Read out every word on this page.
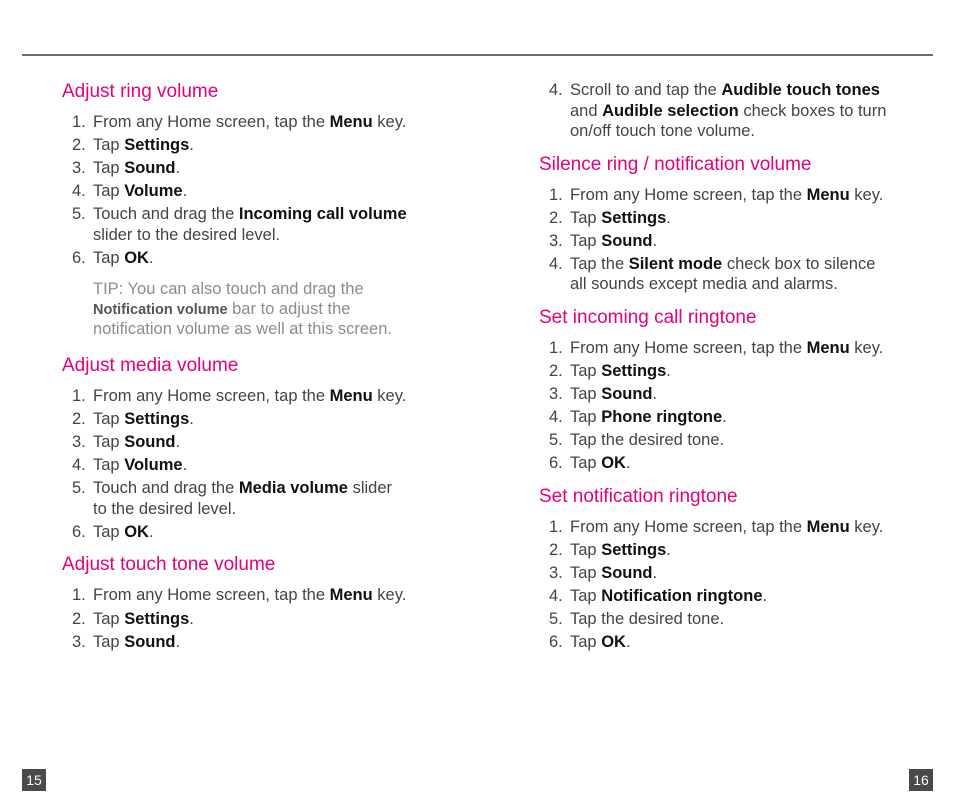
Adjust ring volume
1. From any Home screen, tap the Menu key.
2. Tap Settings.
3. Tap Sound.
4. Tap Volume.
5. Touch and drag the Incoming call volume slider to the desired level.
6. Tap OK.
TIP: You can also touch and drag the Notification volume bar to adjust the notification volume as well at this screen.
Adjust media volume
1. From any Home screen, tap the Menu key.
2. Tap Settings.
3. Tap Sound.
4. Tap Volume.
5. Touch and drag the Media volume slider to the desired level.
6. Tap OK.
Adjust touch tone volume
1. From any Home screen, tap the Menu key.
2. Tap Settings.
3. Tap Sound.
4. Scroll to and tap the Audible touch tones and Audible selection check boxes to turn on/off touch tone volume.
Silence ring / notification volume
1. From any Home screen, tap the Menu key.
2. Tap Settings.
3. Tap Sound.
4. Tap the Silent mode check box to silence all sounds except media and alarms.
Set incoming call ringtone
1. From any Home screen, tap the Menu key.
2. Tap Settings.
3. Tap Sound.
4. Tap Phone ringtone.
5. Tap the desired tone.
6. Tap OK.
Set notification ringtone
1. From any Home screen, tap the Menu key.
2. Tap Settings.
3. Tap Sound.
4. Tap Notification ringtone.
5. Tap the desired tone.
6. Tap OK.
15	16
